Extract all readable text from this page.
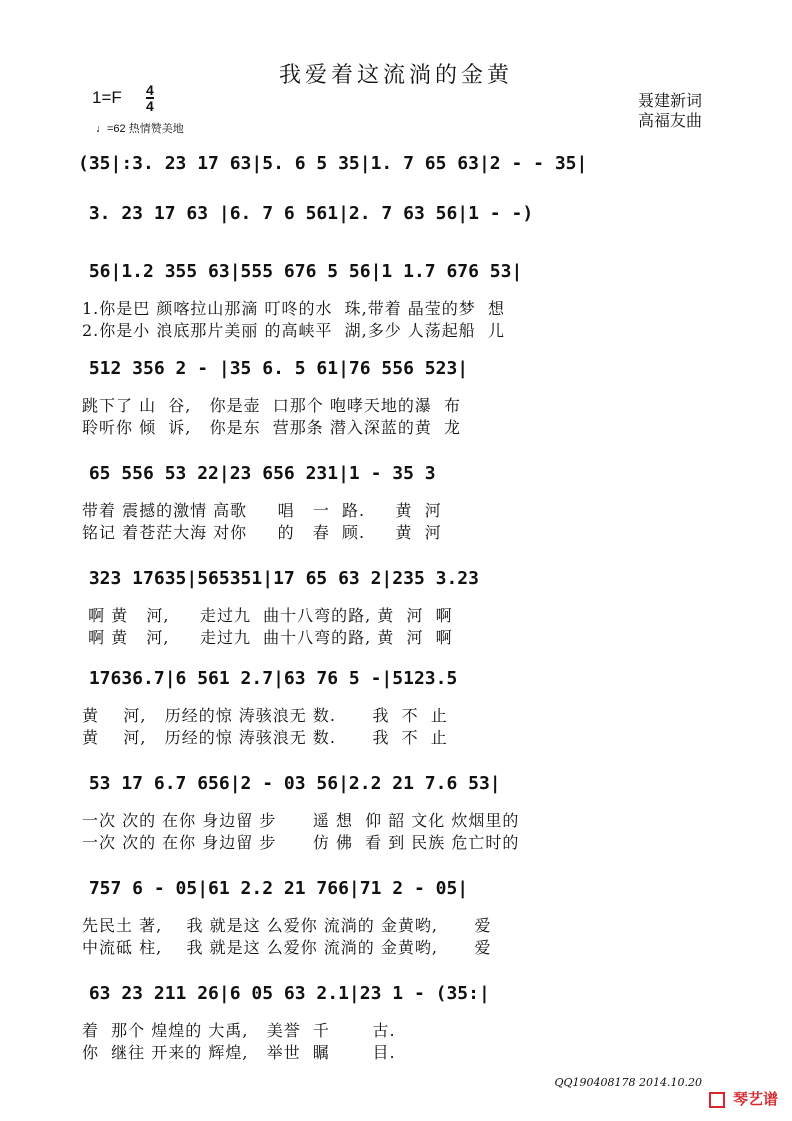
我爱着这流淌的金黄
1=F 4
4
♩=62 热情赞美地
聂建新词
高福友曲
(35|:3. 23 17 63|5. 6 5 35|1. 7 65 63|2 - - 35|
3. 23 17 63 |6. 7 6 561|2. 7 63 56|1 - -)
56|1.2 355 63|555 676 5 56|1 1.7 676 53|
1.你是巴 颜喀拉山那滴 叮咚的水  珠,带着 晶莹的梦  想
2.你是小 浪底那片美丽 的高峡平  湖,多少 人荡起船  儿
512 356 2 - |35 6. 5 61|76 556 523|
跳下了 山  谷,   你是壶  口那个 咆哮天地的瀑  布
聆听你 倾  诉,   你是东  营那条 潜入深蓝的黄  龙
65 556 53 22|23 656 231|1 - 35 3
带着 震撼的激情 高歌     唱   一  路.     黄  河
铭记 着苍茫大海 对你     的   春  顾.     黄  河
323 17635|565351|17 65 63 2|235 3.23
啊 黄   河,     走过九  曲十八弯的路, 黄  河  啊
啊 黄   河,     走过九  曲十八弯的路, 黄  河  啊
17636.7|6 561 2.7|63 76 5 -|5123.5
黄    河,   历经的惊 涛骇浪无 数.      我  不  止
黄    河,   历经的惊 涛骇浪无 数.      我  不  止
53 17 6.7 656|2 - 03 56|2.2 21 7.6 53|
一次 次的 在你 身边留 步      遥 想  仰 韶 文化 炊烟里的
一次 次的 在你 身边留 步      仿 佛  看 到 民族 危亡时的
757 6 - 05|61 2.2 21 766|71 2 - 05|
先民土 著,    我 就是这 么爱你 流淌的 金黄哟,      爱
中流砥 柱,    我 就是这 么爱你 流淌的 金黄哟,      爱
63 23 211 26|6 05 63 2.1|23 1 - (35:|
着  那个 煌煌的 大禹,   美誉  千       古.
你  继往 开来的 辉煌,   举世  瞩       目.
QQ190408178 2014.10.20
琴艺谱
